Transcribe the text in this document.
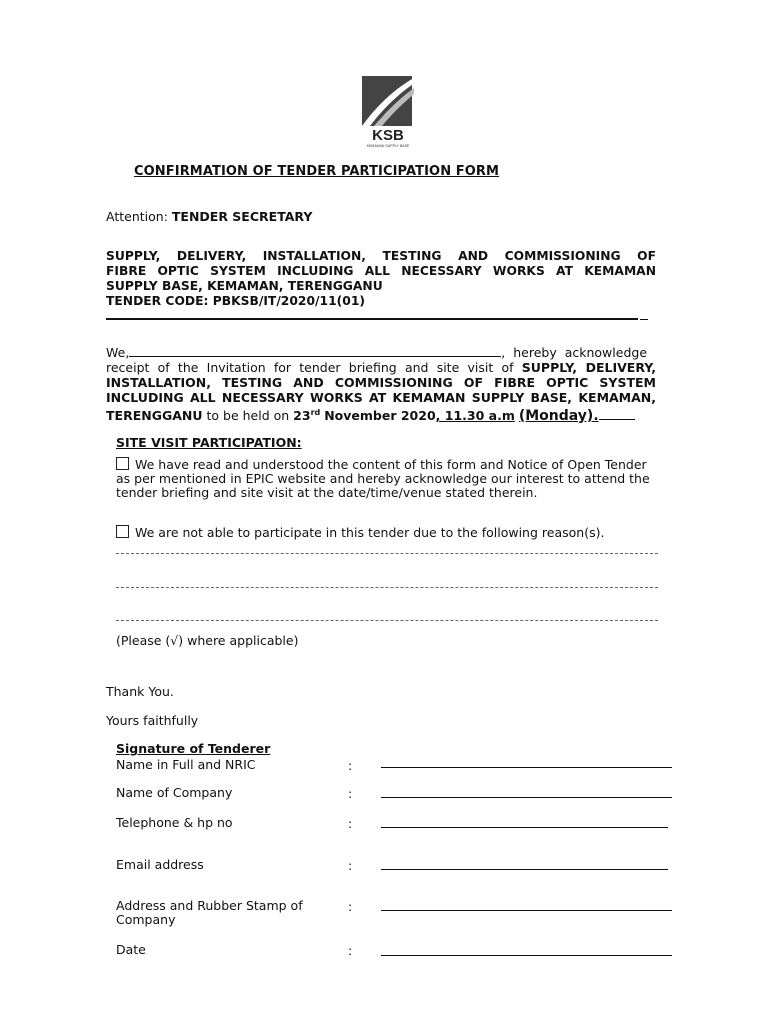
KSB
KEMAMAN SUPPLY BASE
CONFIRMATION OF TENDER PARTICIPATION FORM
Attention: TENDER SECRETARY
SUPPLY, DELIVERY, INSTALLATION, TESTING AND COMMISSIONING OF
FIBRE OPTIC SYSTEM INCLUDING ALL NECESSARY WORKS AT KEMAMAN
SUPPLY BASE, KEMAMAN, TERENGGANU
TENDER CODE: PBKSB/IT/2020/11(01)
We,	, hereby acknowledge
receipt of the Invitation for tender briefing and site visit of SUPPLY, DELIVERY,
INSTALLATION, TESTING AND COMMISSIONING OF FIBRE OPTIC SYSTEM
INCLUDING ALL NECESSARY WORKS AT KEMAMAN SUPPLY BASE, KEMAMAN,
TERENGGANU to be held on 23rd November 2020, 11.30 a.m (Monday).
SITE VISIT PARTICIPATION:
We have read and understood the content of this form and Notice of Open Tender as per mentioned in EPIC website and hereby acknowledge our interest to attend the tender briefing and site visit at the date/time/venue stated therein.
We are not able to participate in this tender due to the following reason(s).
(Please (√) where applicable)
Thank You.
Yours faithfully
Signature of Tenderer
Name in Full and NRIC	:
Name of Company	:
Telephone & hp no	:
Email address	:
Address and Rubber Stamp of Company
:
Date	:
